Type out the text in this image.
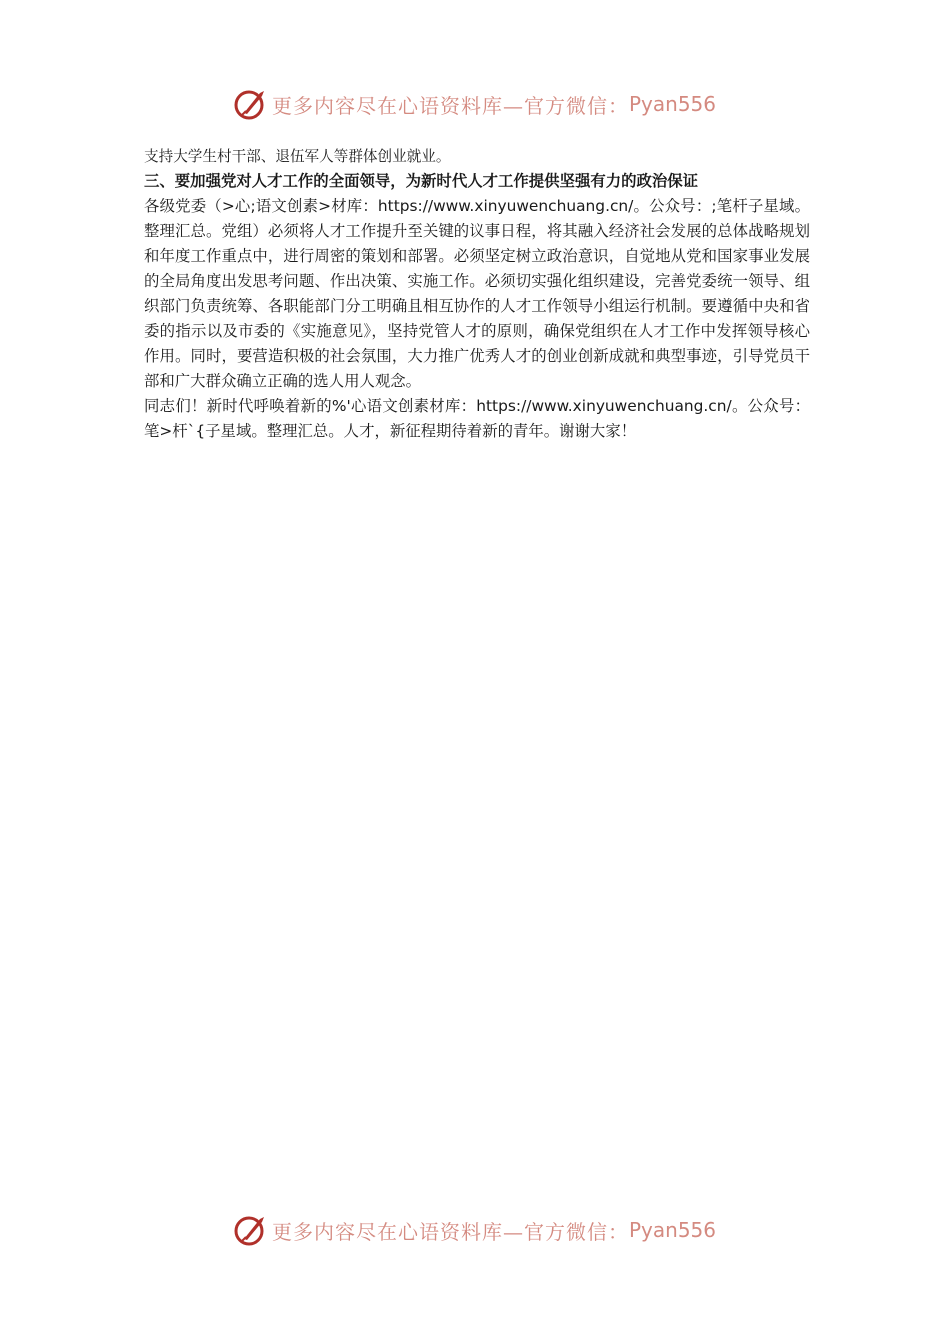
更多内容尽在心语资料库—官方微信： Pyan556

支持大学生村干部、退伍军人等群体创业就业。

三、要加强党对人才工作的全面领导，为新时代人才工作提供坚强有力的政治保证

各级党委（>心;语文创素>材库：https://www.xinyuwenchuang.cn/。公众号：;笔杆子星域。整理汇总。党组）必须将人才工作提升至关键的议事日程，将其融入经济社会发展的总体战略规划和年度工作重点中，进行周密的策划和部署。必须坚定树立政治意识，自觉地从党和国家事业发展的全局角度出发思考问题、作出决策、实施工作。必须切实强化组织建设，完善党委统一领导、组织部门负责统筹、各职能部门分工明确且相互协作的人才工作领导小组运行机制。要遵循中央和省委的指示以及市委的《实施意见》，坚持党管人才的原则，确保党组织在人才工作中发挥领导核心作用。同时，要营造积极的社会氛围，大力推广优秀人才的创业创新成就和典型事迹，引导党员干部和广大群众确立正确的选人用人观念。

同志们！新时代呼唤着新的%'心语文创素材库：https://www.xinyuwenchuang.cn/。公众号：笔>杆`{子星域。整理汇总。人才，新征程期待着新的青年。谢谢大家！

更多内容尽在心语资料库—官方微信： Pyan556
